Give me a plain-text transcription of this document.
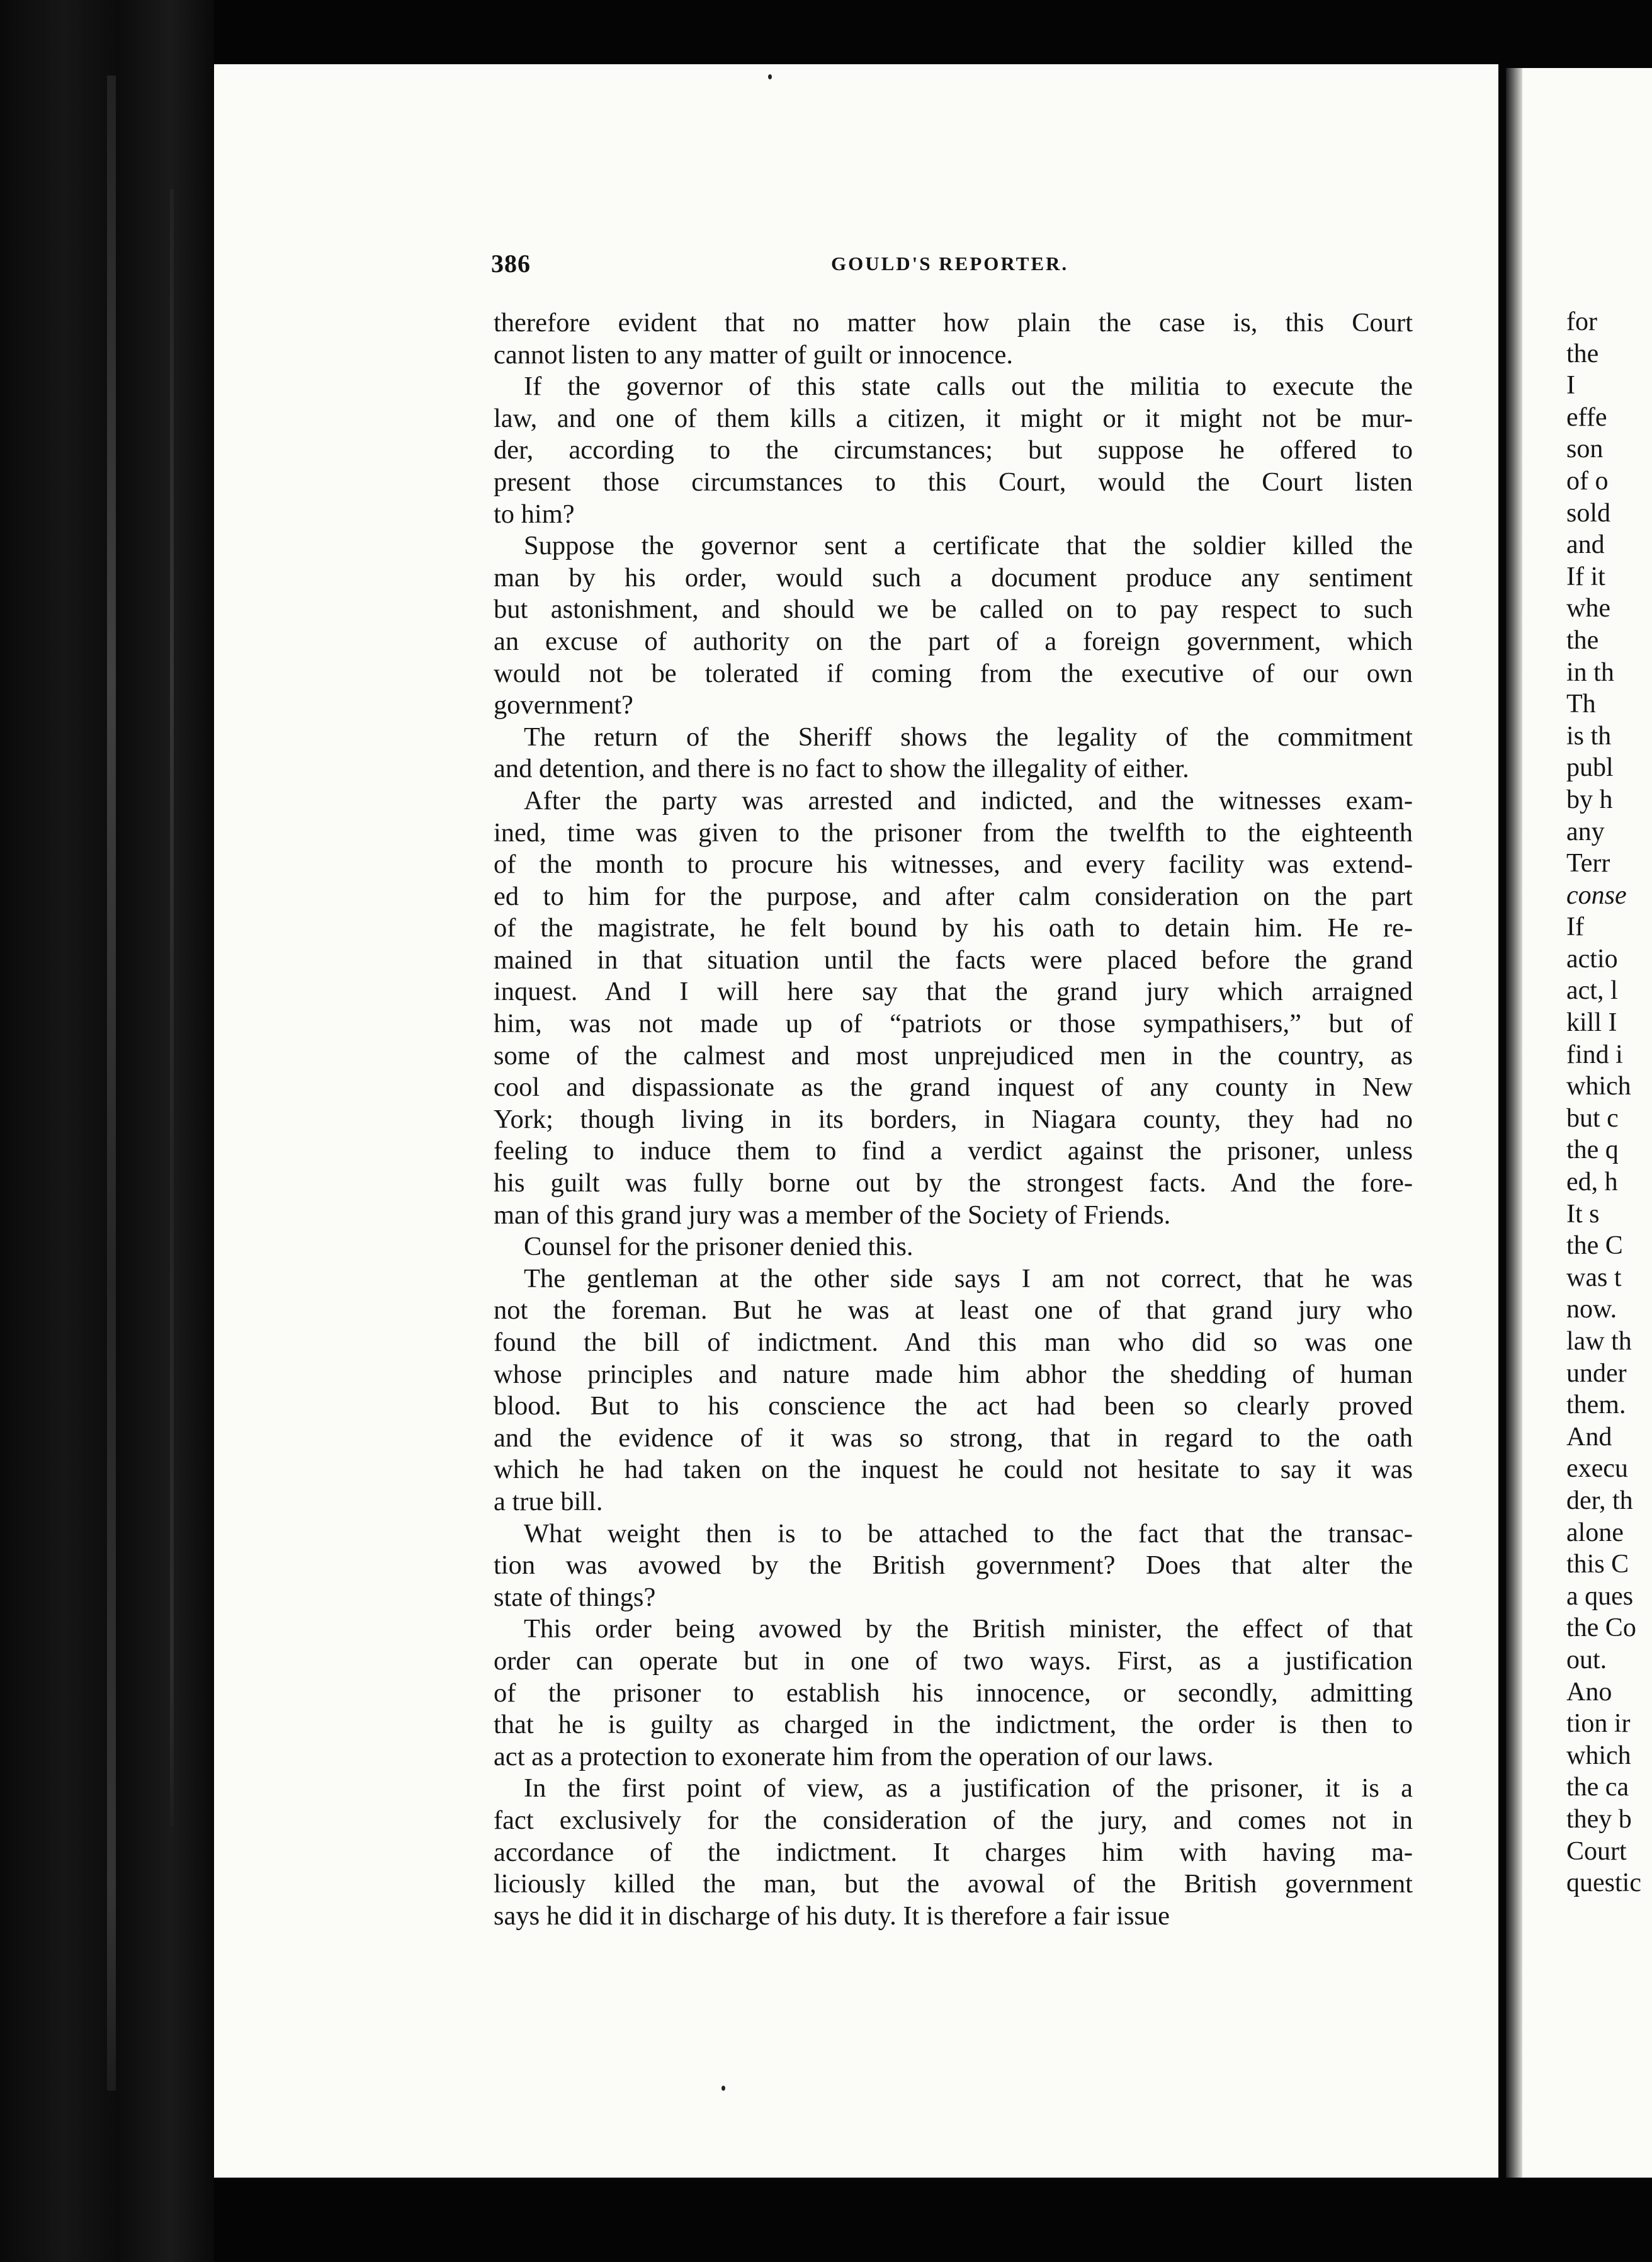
386	GOULD'S REPORTER.

therefore evident that no matter how plain the case is, this Court
cannot listen to any matter of guilt or innocence.

If the governor of this state calls out the militia to execute the
law, and one of them kills a citizen, it might or it might not be mur-
der, according to the circumstances; but suppose he offered to
present those circumstances to this Court, would the Court listen
to him?

Suppose the governor sent a certificate that the soldier killed the
man by his order, would such a document produce any sentiment
but astonishment, and should we be called on to pay respect to such
an excuse of authority on the part of a foreign government, which
would not be tolerated if coming from the executive of our own
government?

The return of the Sheriff shows the legality of the commitment
and detention, and there is no fact to show the illegality of either.

After the party was arrested and indicted, and the witnesses exam-
ined, time was given to the prisoner from the twelfth to the eighteenth
of the month to procure his witnesses, and every facility was extend-
ed to him for the purpose, and after calm consideration on the part
of the magistrate, he felt bound by his oath to detain him. He re-
mained in that situation until the facts were placed before the grand
inquest. And I will here say that the grand jury which arraigned
him, was not made up of “patriots or those sympathisers,” but of
some of the calmest and most unprejudiced men in the country, as
cool and dispassionate as the grand inquest of any county in New
York; though living in its borders, in Niagara county, they had no
feeling to induce them to find a verdict against the prisoner, unless
his guilt was fully borne out by the strongest facts. And the fore-
man of this grand jury was a member of the Society of Friends.

Counsel for the prisoner denied this.

The gentleman at the other side says I am not correct, that he was
not the foreman. But he was at least one of that grand jury who
found the bill of indictment. And this man who did so was one
whose principles and nature made him abhor the shedding of human
blood. But to his conscience the act had been so clearly proved
and the evidence of it was so strong, that in regard to the oath
which he had taken on the inquest he could not hesitate to say it was
a true bill.

What weight then is to be attached to the fact that the transac-
tion was avowed by the British government? Does that alter the
state of things?

This order being avowed by the British minister, the effect of that
order can operate but in one of two ways. First, as a justification
of the prisoner to establish his innocence, or secondly, admitting
that he is guilty as charged in the indictment, the order is then to
act as a protection to exonerate him from the operation of our laws.

In the first point of view, as a justification of the prisoner, it is a
fact exclusively for the consideration of the jury, and comes not in
accordance of the indictment. It charges him with having ma-
liciously killed the man, but the avowal of the British government
says he did it in discharge of his duty. It is therefore a fair issue

for
the
I
effe
son
of o
sold
and
If it
whe
the
in th
Th
is th
publ
by h
any
Terr
conse
If
actio
act, l
kill I
find i
which
but c
the q
ed, h
It s
the C
was t
now.
law th
under
them.
And
execu
der, th
alone
this C
a ques
the Co
out.
Ano
tion ir
which
the ca
they b
Court
questic
